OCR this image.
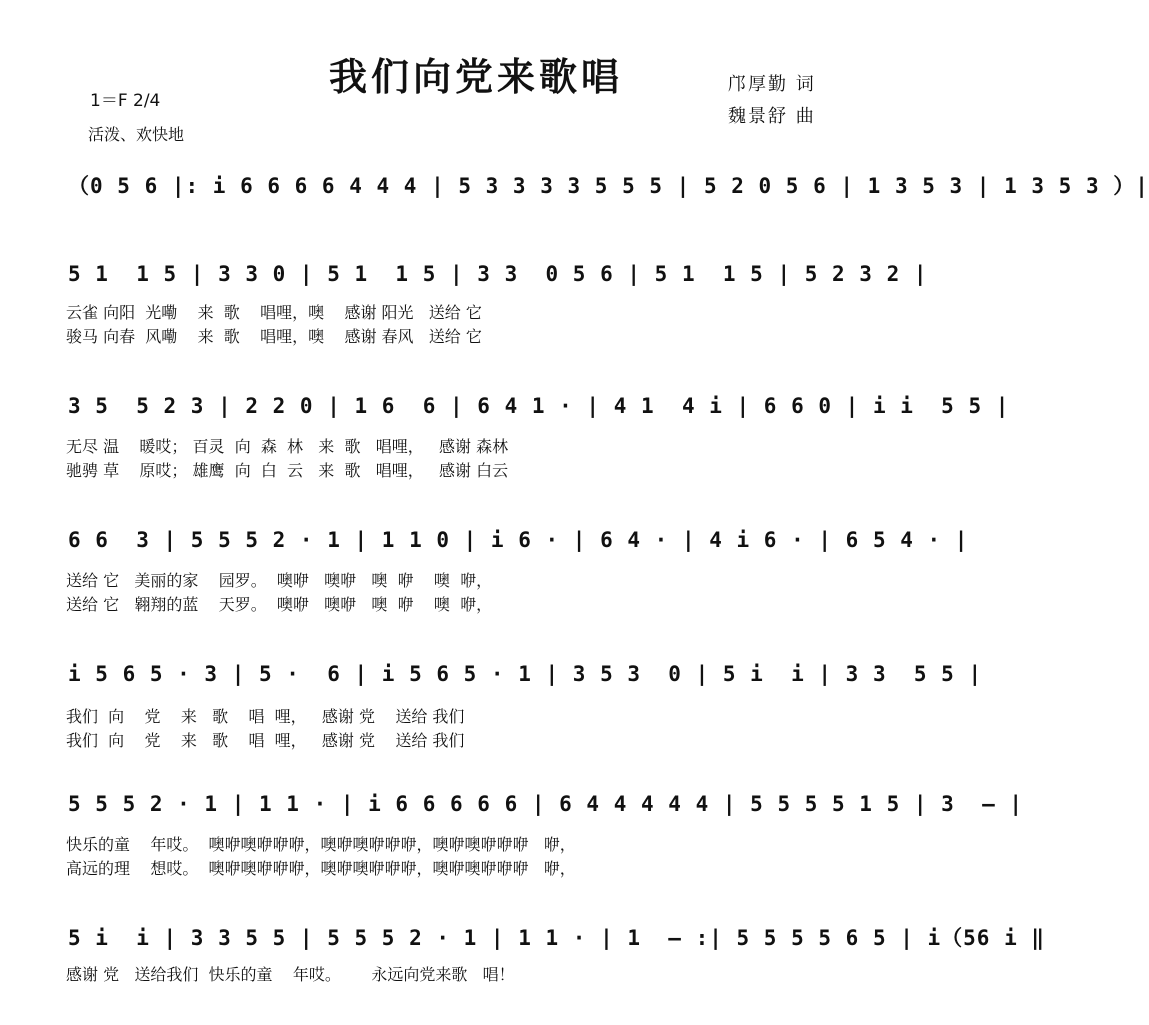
我们向党来歌唱
1＝F 2/4
活泼、欢快地
邝厚勤 词
魏景舒 曲
（0 5 6 |: i 6 6 6 6 4 4 4 | 5 3 3 3 3 5 5 5 | 5 2 0 5 6 | 1 3 5 3 | 1 3 5 3 ）|
5 1  1 5 | 3 3 0 | 5 1  1 5 | 3 3  0 5 6 | 5 1  1 5 | 5 2 3 2 |
云雀 向阳  光嘞    来  歌    唱哩，噢    感谢 阳光   送给 它
骏马 向春  风嘞    来  歌    唱哩，噢    感谢 春风   送给 它
3 5  5 2 3 | 2 2 0 | 1 6  6 | 6 4 1 · | 4 1  4 i | 6 6 0 | i i  5 5 |
无尽 温    暖哎； 百灵  向  森  林   来  歌   唱哩，   感谢 森林
驰骋 草    原哎； 雄鹰  向  白  云   来  歌   唱哩，   感谢 白云
6 6  3 | 5 5 5 2 · 1 | 1 1 0 | i 6 · | 6 4 · | 4 i 6 · | 6 5 4 · |
送给 它   美丽的家    园罗。  噢咿   噢咿   噢  咿    噢  咿，
送给 它   翱翔的蓝    天罗。  噢咿   噢咿   噢  咿    噢  咿，
i 5 6 5 · 3 | 5 ·  6 | i 5 6 5 · 1 | 3 5 3  0 | 5 i  i | 3 3  5 5 |
我们  向    党    来   歌    唱  哩，   感谢 党    送给 我们
我们  向    党    来   歌    唱  哩，   感谢 党    送给 我们
5 5 5 2 · 1 | 1 1 · | i 6 6 6 6 6 | 6 4 4 4 4 4 | 5 5 5 5 1 5 | 3  — |
快乐的童    年哎。  噢咿噢咿咿咿，噢咿噢咿咿咿，噢咿噢咿咿咿   咿，
高远的理    想哎。  噢咿噢咿咿咿，噢咿噢咿咿咿，噢咿噢咿咿咿   咿，
5 i  i | 3 3 5 5 | 5 5 5 2 · 1 | 1 1 · | 1  — :| 5 5 5 5 6 5 | i（56 i ‖
感谢 党   送给我们  快乐的童    年哎。      永远向党来歌   唱！
